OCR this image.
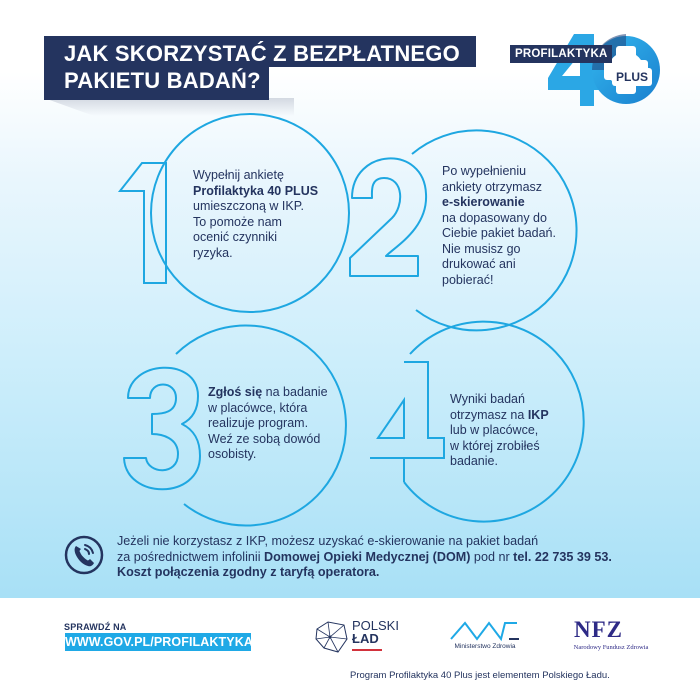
JAK SKORZYSTAĆ Z BEZPŁATNEGO
PAKIETU BADAŃ?
PROFILAKTYKA
PLUS
Wypełnij ankietę
Profilaktyka 40 PLUS
umieszczoną w IKP.
To pomoże nam
ocenić czynniki
ryzyka.
Po wypełnieniu
ankiety otrzymasz
e-skierowanie
na dopasowany do
Ciebie pakiet badań.
Nie musisz go
drukować ani
pobierać!
Zgłoś się na badanie
w placówce, która
realizuje program.
Weź ze sobą dowód
osobisty.
Wyniki badań
otrzymasz na IKP
lub w placówce,
w której zrobiłeś
badanie.
Jeżeli nie korzystasz z IKP, możesz uzyskać e-skierowanie na pakiet badań
za pośrednictwem infolinii Domowej Opieki Medycznej (DOM) pod nr tel. 22 735 39 53.
Koszt połączenia zgodny z taryfą operatora.
SPRAWDŹ NA
WWW.GOV.PL/PROFILAKTYKA
POLSKI
ŁAD
Ministerstwo Zdrowia
NFZ
Narodowy Fundusz Zdrowia
Program Profilaktyka 40 Plus jest elementem Polskiego Ładu.
